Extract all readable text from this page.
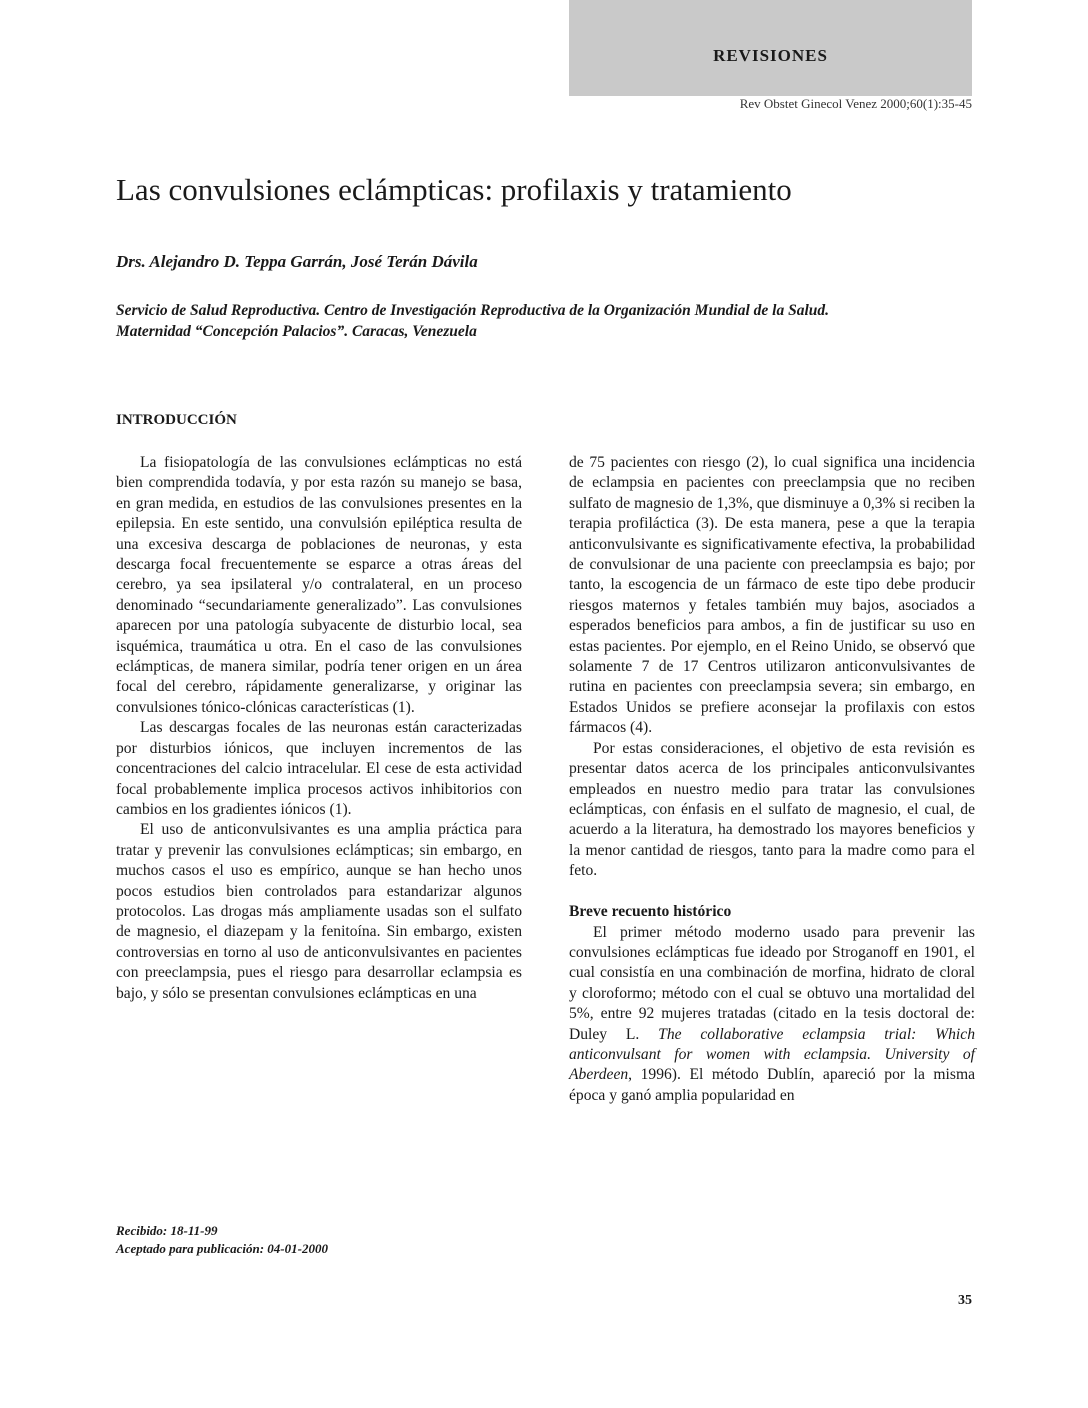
REVISIONES
Rev Obstet Ginecol Venez 2000;60(1):35-45
Las convulsiones eclámpticas: profilaxis y tratamiento
Drs. Alejandro D. Teppa Garrán, José Terán Dávila
Servicio de Salud Reproductiva. Centro de Investigación Reproductiva de la Organización Mundial de la Salud.
Maternidad “Concepción Palacios”. Caracas, Venezuela
INTRODUCCIÓN

La fisiopatología de las convulsiones eclámpticas no está bien comprendida todavía, y por esta razón su manejo se basa, en gran medida, en estudios de las convulsiones presentes en la epilepsia. En este sentido, una convulsión epiléptica resulta de una excesiva descarga de poblaciones de neuronas, y esta descarga focal frecuentemente se esparce a otras áreas del cerebro, ya sea ipsilateral y/o contralateral, en un proceso denominado “secundariamente generalizado”. Las convulsiones aparecen por una patología subyacente de disturbio local, sea isquémica, traumática u otra. En el caso de las convulsiones eclámpticas, de manera similar, podría tener origen en un área focal del cerebro, rápidamente generalizarse, y originar las convulsiones tónico-clónicas características (1).

Las descargas focales de las neuronas están caracterizadas por disturbios iónicos, que incluyen incrementos de las concentraciones del calcio intracelular. El cese de esta actividad focal probablemente implica procesos activos inhibitorios con cambios en los gradientes iónicos (1).

El uso de anticonvulsivantes es una amplia práctica para tratar y prevenir las convulsiones eclámpticas; sin embargo, en muchos casos el uso es empírico, aunque se han hecho unos pocos estudios bien controlados para estandarizar algunos protocolos. Las drogas más ampliamente usadas son el sulfato de magnesio, el diazepam y la fenitoína. Sin embargo, existen controversias en torno al uso de anticonvulsivantes en pacientes con preeclampsia, pues el riesgo para desarrollar eclampsia es bajo, y sólo se presentan convulsiones eclámpticas en una

de 75 pacientes con riesgo (2), lo cual significa una incidencia de eclampsia en pacientes con preeclampsia que no reciben sulfato de magnesio de 1,3%, que disminuye a 0,3% si reciben la terapia profiláctica (3). De esta manera, pese a que la terapia anticonvulsivante es significativamente efectiva, la probabilidad de convulsionar de una paciente con preeclampsia es bajo; por tanto, la escogencia de un fármaco de este tipo debe producir riesgos maternos y fetales también muy bajos, asociados a esperados beneficios para ambos, a fin de justificar su uso en estas pacientes. Por ejemplo, en el Reino Unido, se observó que solamente 7 de 17 Centros utilizaron anticonvulsivantes de rutina en pacientes con preeclampsia severa; sin embargo, en Estados Unidos se prefiere aconsejar la profilaxis con estos fármacos (4).

Por estas consideraciones, el objetivo de esta revisión es presentar datos acerca de los principales anticonvulsivantes empleados en nuestro medio para tratar las convulsiones eclámpticas, con énfasis en el sulfato de magnesio, el cual, de acuerdo a la literatura, ha demostrado los mayores beneficios y la menor cantidad de riesgos, tanto para la madre como para el feto.

Breve recuento histórico

El primer método moderno usado para prevenir las convulsiones eclámpticas fue ideado por Stroganoff en 1901, el cual consistía en una combinación de morfina, hidrato de cloral y cloroformo; método con el cual se obtuvo una mortalidad del 5%, entre 92 mujeres tratadas (citado en la tesis doctoral de: Duley L. The collaborative eclampsia trial: Which anticonvulsant for women with eclampsia. University of Aberdeen, 1996). El método Dublín, apareció por la misma época y ganó amplia popularidad en

Recibido: 18-11-99
Aceptado para publicación: 04-01-2000
35
